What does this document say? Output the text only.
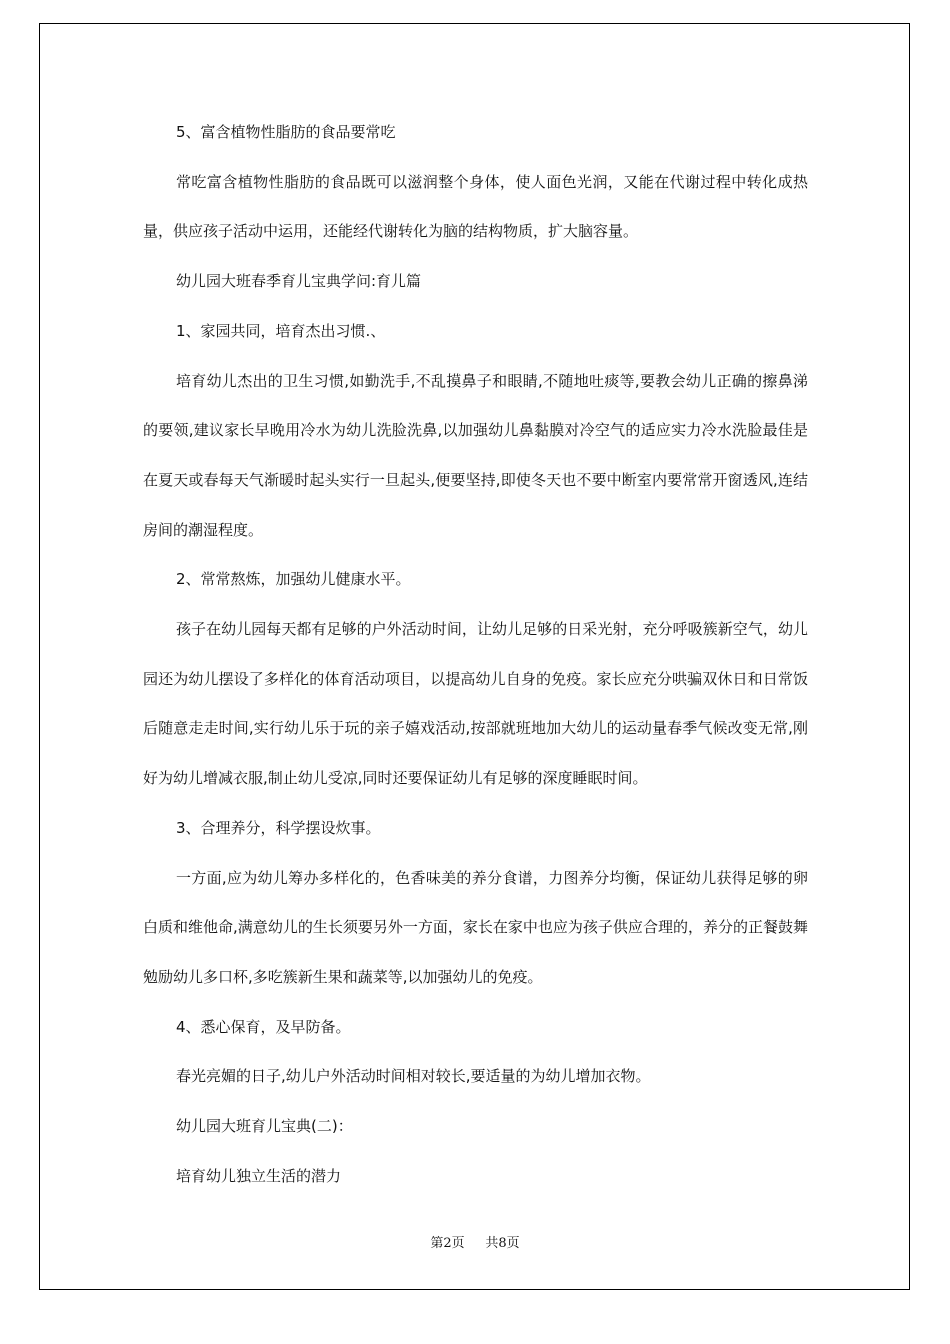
5、富含植物性脂肪的食品要常吃

常吃富含植物性脂肪的食品既可以滋润整个身体，使人面色光润，又能在代谢过程中转化成热量，供应孩子活动中运用，还能经代谢转化为脑的结构物质，扩大脑容量。

幼儿园大班春季育儿宝典学问:育儿篇

1、家园共同，培育杰出习惯.、

培育幼儿杰出的卫生习惯,如勤洗手,不乱摸鼻子和眼睛,不随地吐痰等,要教会幼儿正确的擦鼻涕的要领,建议家长早晚用冷水为幼儿洗脸洗鼻,以加强幼儿鼻黏膜对冷空气的适应实力冷水洗脸最佳是在夏天或春每天气渐暖时起头实行一旦起头,便要坚持,即使冬天也不要中断室内要常常开窗透风,连结房间的潮湿程度。

2、常常熬炼，加强幼儿健康水平。

孩子在幼儿园每天都有足够的户外活动时间，让幼儿足够的日采光射，充分呼吸簇新空气，幼儿园还为幼儿摆设了多样化的体育活动项目，以提高幼儿自身的免疫。家长应充分哄骗双休日和日常饭后随意走走时间,实行幼儿乐于玩的亲子嬉戏活动,按部就班地加大幼儿的运动量春季气候改变无常,刚好为幼儿增减衣服,制止幼儿受凉,同时还要保证幼儿有足够的深度睡眠时间。

3、合理养分，科学摆设炊事。

一方面,应为幼儿筹办多样化的，色香味美的养分食谱，力图养分均衡，保证幼儿获得足够的卵白质和维他命,满意幼儿的生长须要另外一方面，家长在家中也应为孩子供应合理的，养分的正餐鼓舞勉励幼儿多口杯,多吃簇新生果和蔬菜等,以加强幼儿的免疫。

4、悉心保育，及早防备。

春光亮媚的日子,幼儿户外活动时间相对较长,要适量的为幼儿增加衣物。

幼儿园大班育儿宝典(二)：

培育幼儿独立生活的潜力

第2页     共8页
